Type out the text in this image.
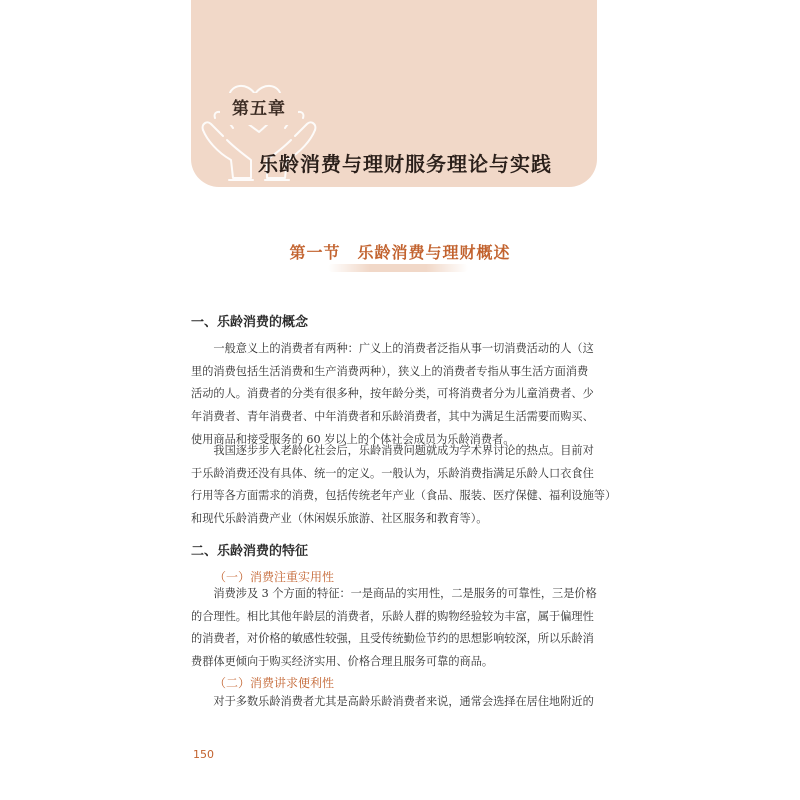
第五章
乐龄消费与理财服务理论与实践
第一节　乐龄消费与理财概述
一、乐龄消费的概念
　　一般意义上的消费者有两种：广义上的消费者泛指从事一切消费活动的人（这
里的消费包括生活消费和生产消费两种），狭义上的消费者专指从事生活方面消费
活动的人。消费者的分类有很多种，按年龄分类，可将消费者分为儿童消费者、少
年消费者、青年消费者、中年消费者和乐龄消费者，其中为满足生活需要而购买、
使用商品和接受服务的 60 岁以上的个体社会成员为乐龄消费者。
　　我国逐步步入老龄化社会后，乐龄消费问题就成为学术界讨论的热点。目前对
于乐龄消费还没有具体、统一的定义。一般认为，乐龄消费指满足乐龄人口衣食住
行用等各方面需求的消费，包括传统老年产业（食品、服装、医疗保健、福利设施等）
和现代乐龄消费产业（休闲娱乐旅游、社区服务和教育等）。
二、乐龄消费的特征
（一）消费注重实用性
　　消费涉及 3 个方面的特征：一是商品的实用性，二是服务的可靠性，三是价格
的合理性。相比其他年龄层的消费者，乐龄人群的购物经验较为丰富，属于偏理性
的消费者，对价格的敏感性较强，且受传统勤俭节约的思想影响较深，所以乐龄消
费群体更倾向于购买经济实用、价格合理且服务可靠的商品。
（二）消费讲求便利性
　　对于多数乐龄消费者尤其是高龄乐龄消费者来说，通常会选择在居住地附近的
150
